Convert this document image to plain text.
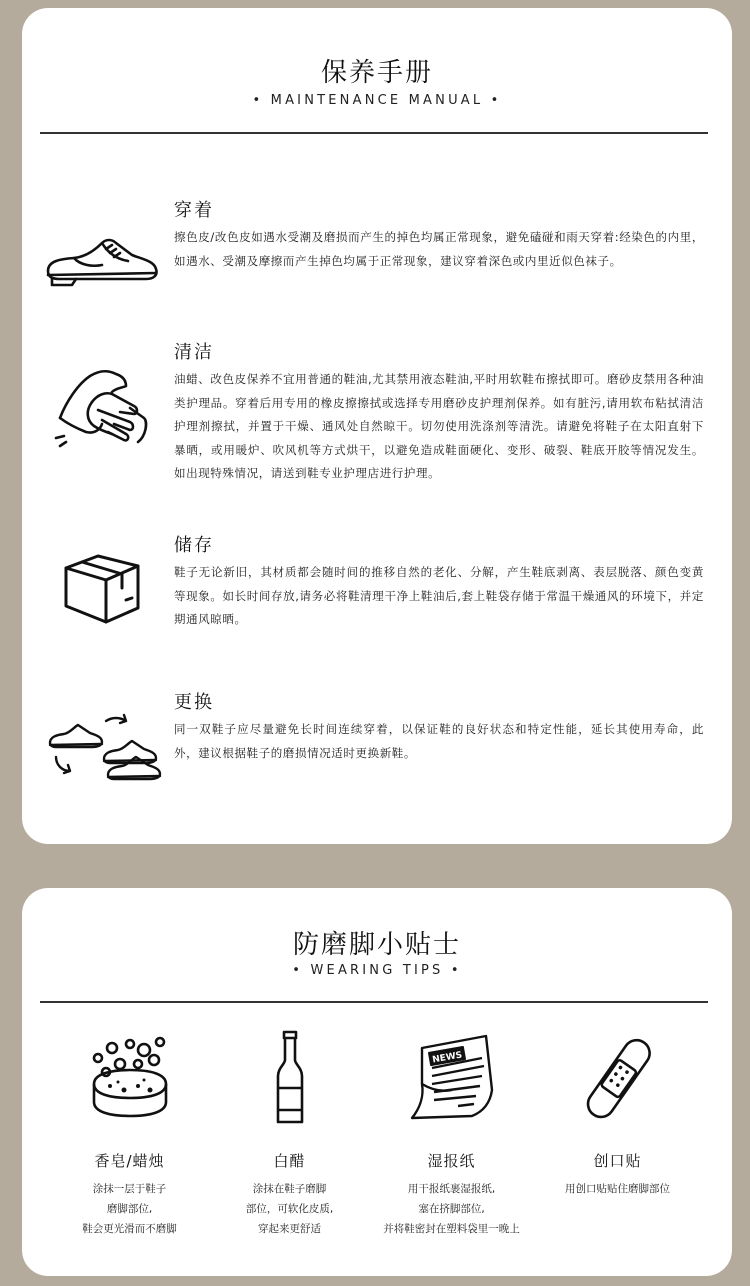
保养手册
• MAINTENANCE MANUAL •
穿着
擦色皮/改色皮如遇水受潮及磨损而产生的掉色均属正常现象，避免磕碰和雨天穿着:经染色的内里，如遇水、受潮及摩擦而产生掉色均属于正常现象，建议穿着深色或内里近似色袜子。
清洁
油蜡、改色皮保养不宜用普通的鞋油,尤其禁用液态鞋油,平时用软鞋布擦拭即可。磨砂皮禁用各种油类护理品。穿着后用专用的橡皮擦擦拭或选择专用磨砂皮护理剂保养。如有脏污,请用软布粘拭清洁护理剂擦拭，并置于干燥、通风处自然晾干。切勿使用洗涤剂等清洗。请避免将鞋子在太阳直射下暴晒，或用暖炉、吹风机等方式烘干，以避免造成鞋面硬化、变形、破裂、鞋底开胶等情况发生。如出现特殊情况，请送到鞋专业护理店进行护理。
储存
鞋子无论新旧，其材质都会随时间的推移自然的老化、分解，产生鞋底剥离、表层脱落、颜色变黄等现象。如长时间存放,请务必将鞋清理干净上鞋油后,套上鞋袋存储于常温干燥通风的环境下，并定期通风晾晒。
更换
同一双鞋子应尽量避免长时间连续穿着，以保证鞋的良好状态和特定性能，延长其使用寿命，此外，建议根据鞋子的磨损情况适时更换新鞋。
防磨脚小贴士
• WEARING TIPS •
香皂/蜡烛
涂抹一层于鞋子
磨脚部位,
鞋会更光滑而不磨脚
白醋
涂抹在鞋子磨脚
部位，可软化皮质,
穿起来更舒适
NEWS
湿报纸
用干报纸裹湿报纸,
塞在挤脚部位,
并将鞋密封在塑料袋里一晚上
创口贴
用创口贴贴住磨脚部位
